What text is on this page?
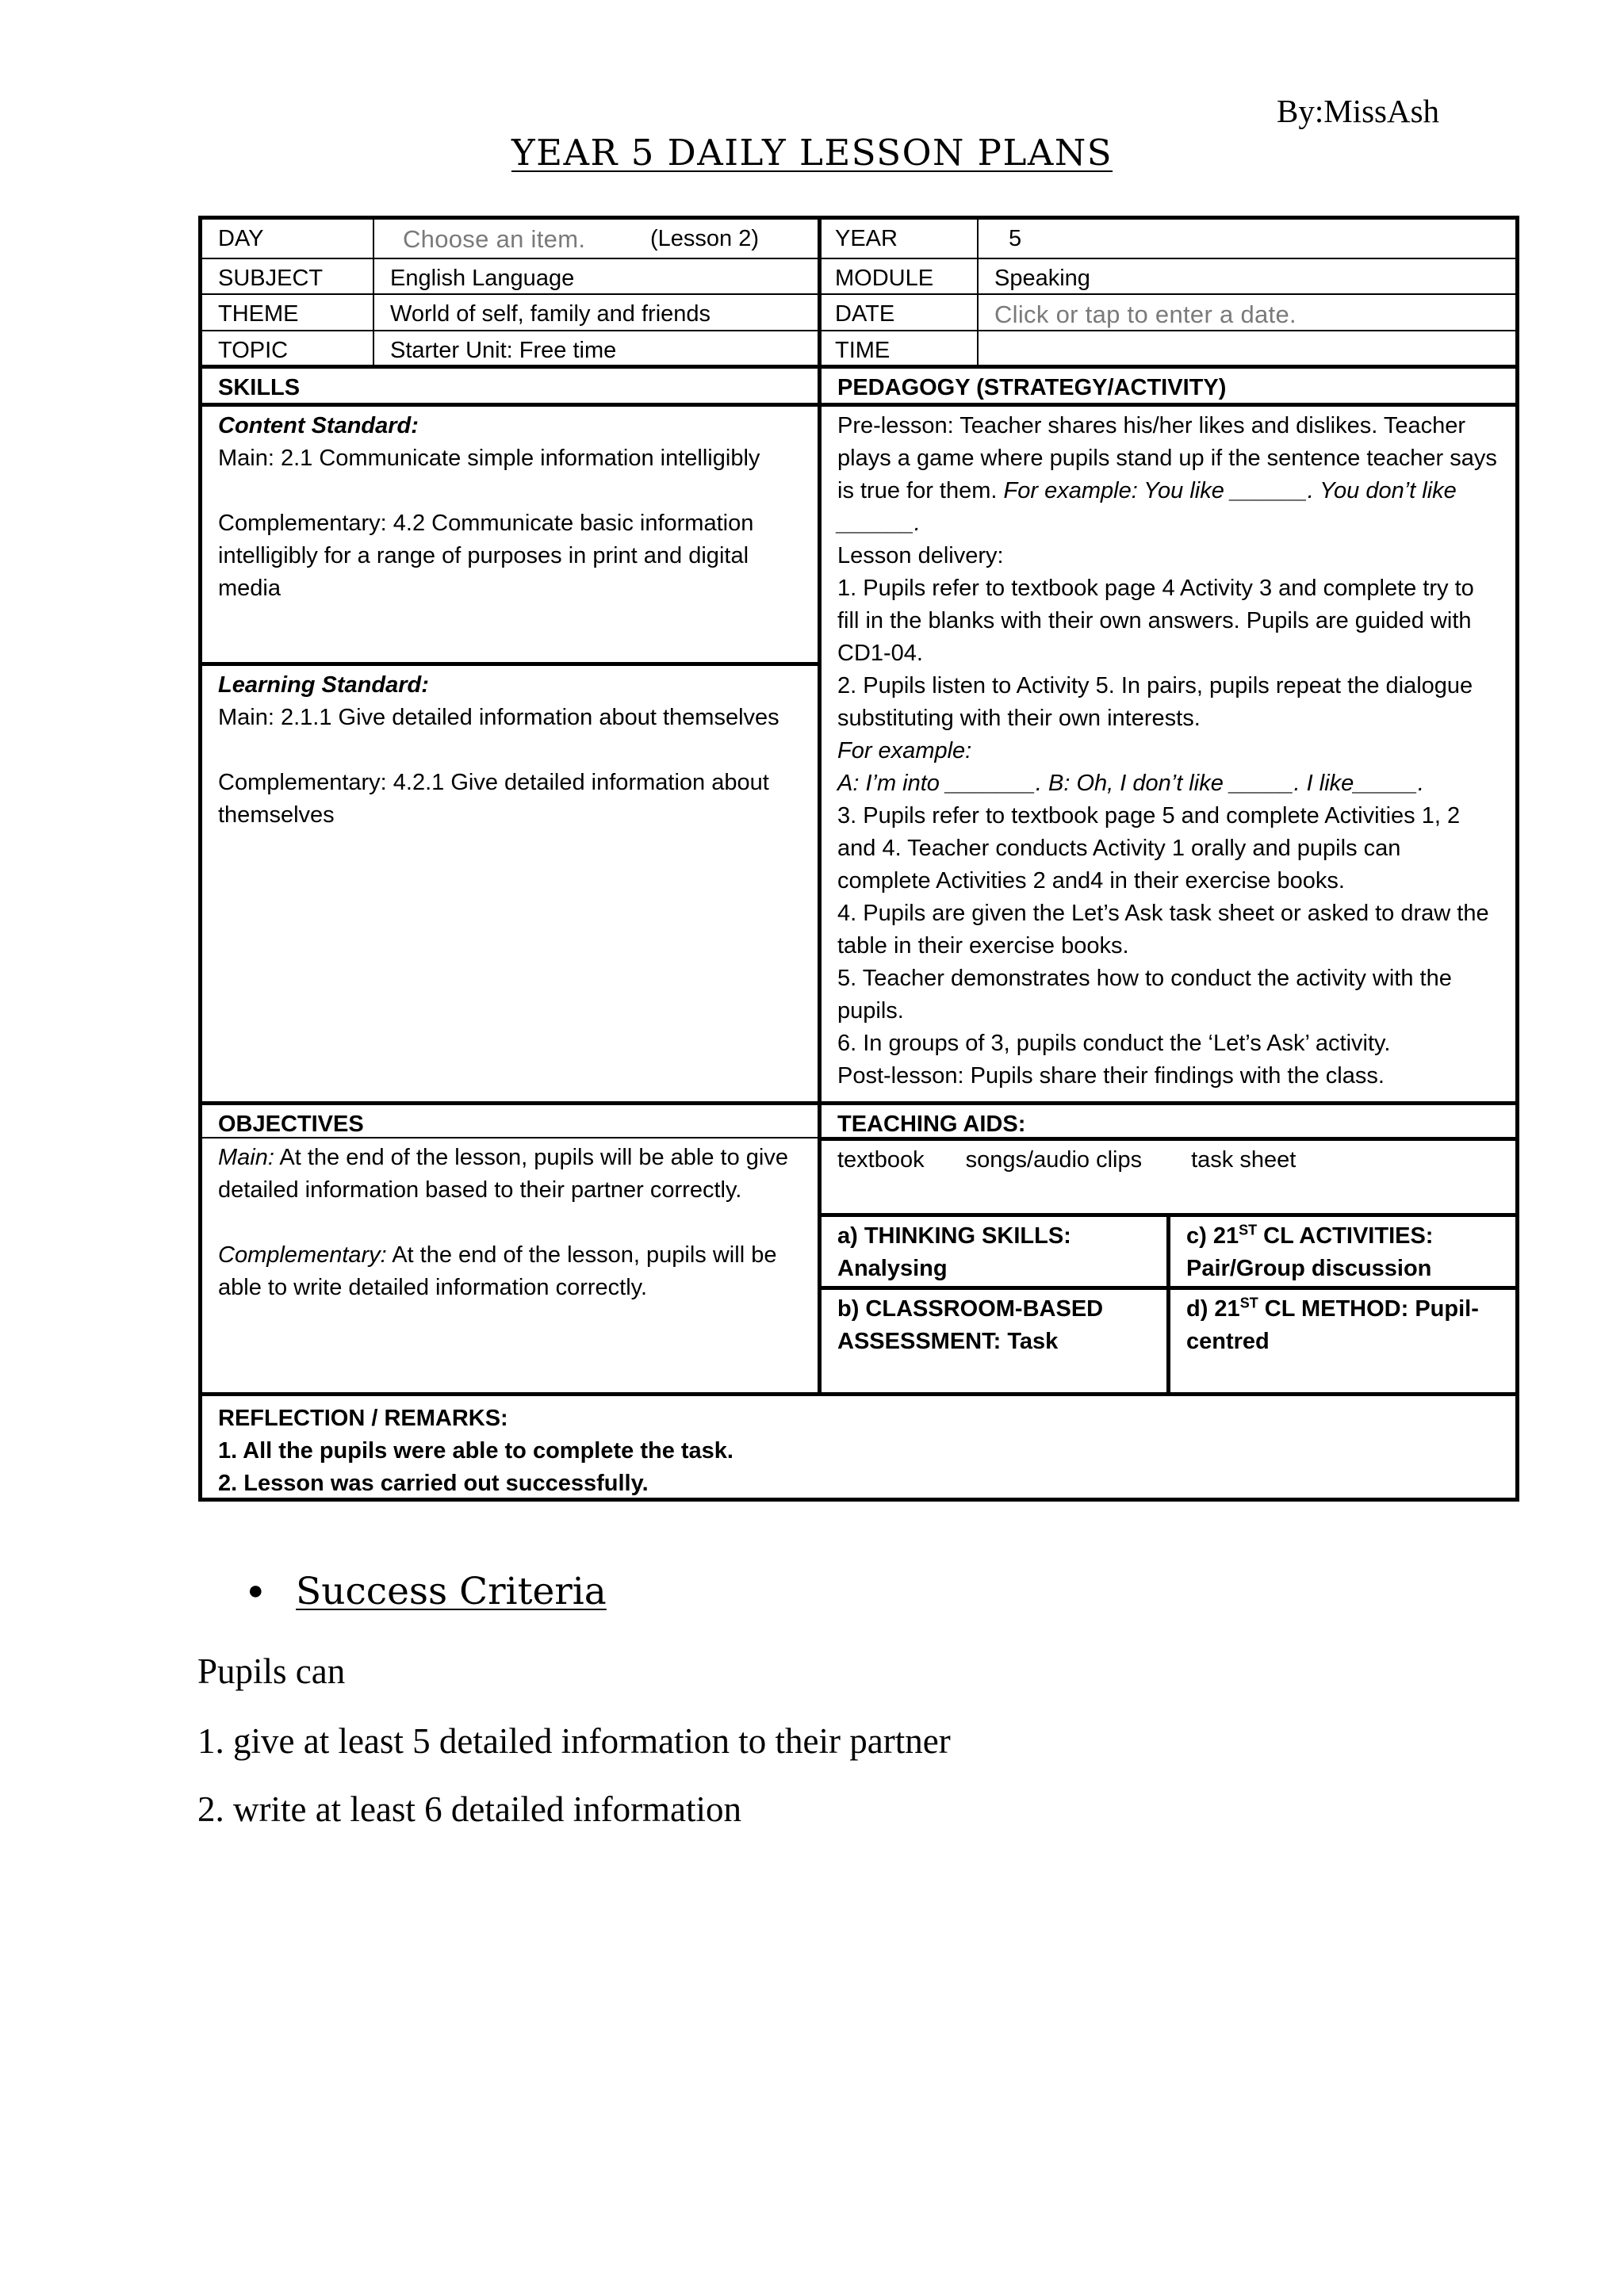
By:MissAsh
YEAR 5 DAILY LESSON PLANS
DAY	Choose an item.	(Lesson 2)	YEAR	5
SUBJECT	English Language	MODULE	Speaking
THEME	World of self, family and friends	DATE	Click or tap to enter a date.
TOPIC	Starter Unit: Free time	TIME
SKILLS	PEDAGOGY (STRATEGY/ACTIVITY)

Content Standard:

Main: 2.1 Communicate simple information intelligibly

Complementary: 4.2 Communicate basic information intelligibly for a range of purposes in print and digital media

Learning Standard:

Main: 2.1.1 Give detailed information about themselves

Complementary: 4.2.1 Give detailed information about themselves

Pre-lesson: Teacher shares his/her likes and dislikes. Teacher plays a game where pupils stand up if the sentence teacher says is true for them. For example: You like ______. You don’t like ______.

Lesson delivery:

1. Pupils refer to textbook page 4 Activity 3 and complete try to fill in the blanks with their own answers. Pupils are guided with CD1-04.

2. Pupils listen to Activity 5. In pairs, pupils repeat the dialogue substituting with their own interests.

For example:

A: I’m into _______. B: Oh, I don’t like _____. I like_____.

3. Pupils refer to textbook page 5 and complete Activities 1, 2 and 4. Teacher conducts Activity 1 orally and pupils can complete Activities 2 and4 in their exercise books.

4. Pupils are given the Let’s Ask task sheet or asked to draw the table in their exercise books.

5. Teacher demonstrates how to conduct the activity with the pupils.

6. In groups of 3, pupils conduct the ‘Let’s Ask’ activity.

Post-lesson: Pupils share their findings with the class.

OBJECTIVES

Main: At the end of the lesson, pupils will be able to give detailed information based to their partner correctly.

Complementary: At the end of the lesson, pupils will be able to write detailed information correctly.

TEACHING AIDS:
textbook songs/audio clips task sheet
a) THINKING SKILLS:
Analysing
c) 21ST CL ACTIVITIES:
Pair/Group discussion
b) CLASSROOM-BASED
ASSESSMENT: Task
d) 21ST CL METHOD: Pupil-
centred
REFLECTION / REMARKS:
1. All the pupils were able to complete the task.
2. Lesson was carried out successfully.
● Success Criteria
Pupils can
1. give at least 5 detailed information to their partner
2. write at least 6 detailed information
